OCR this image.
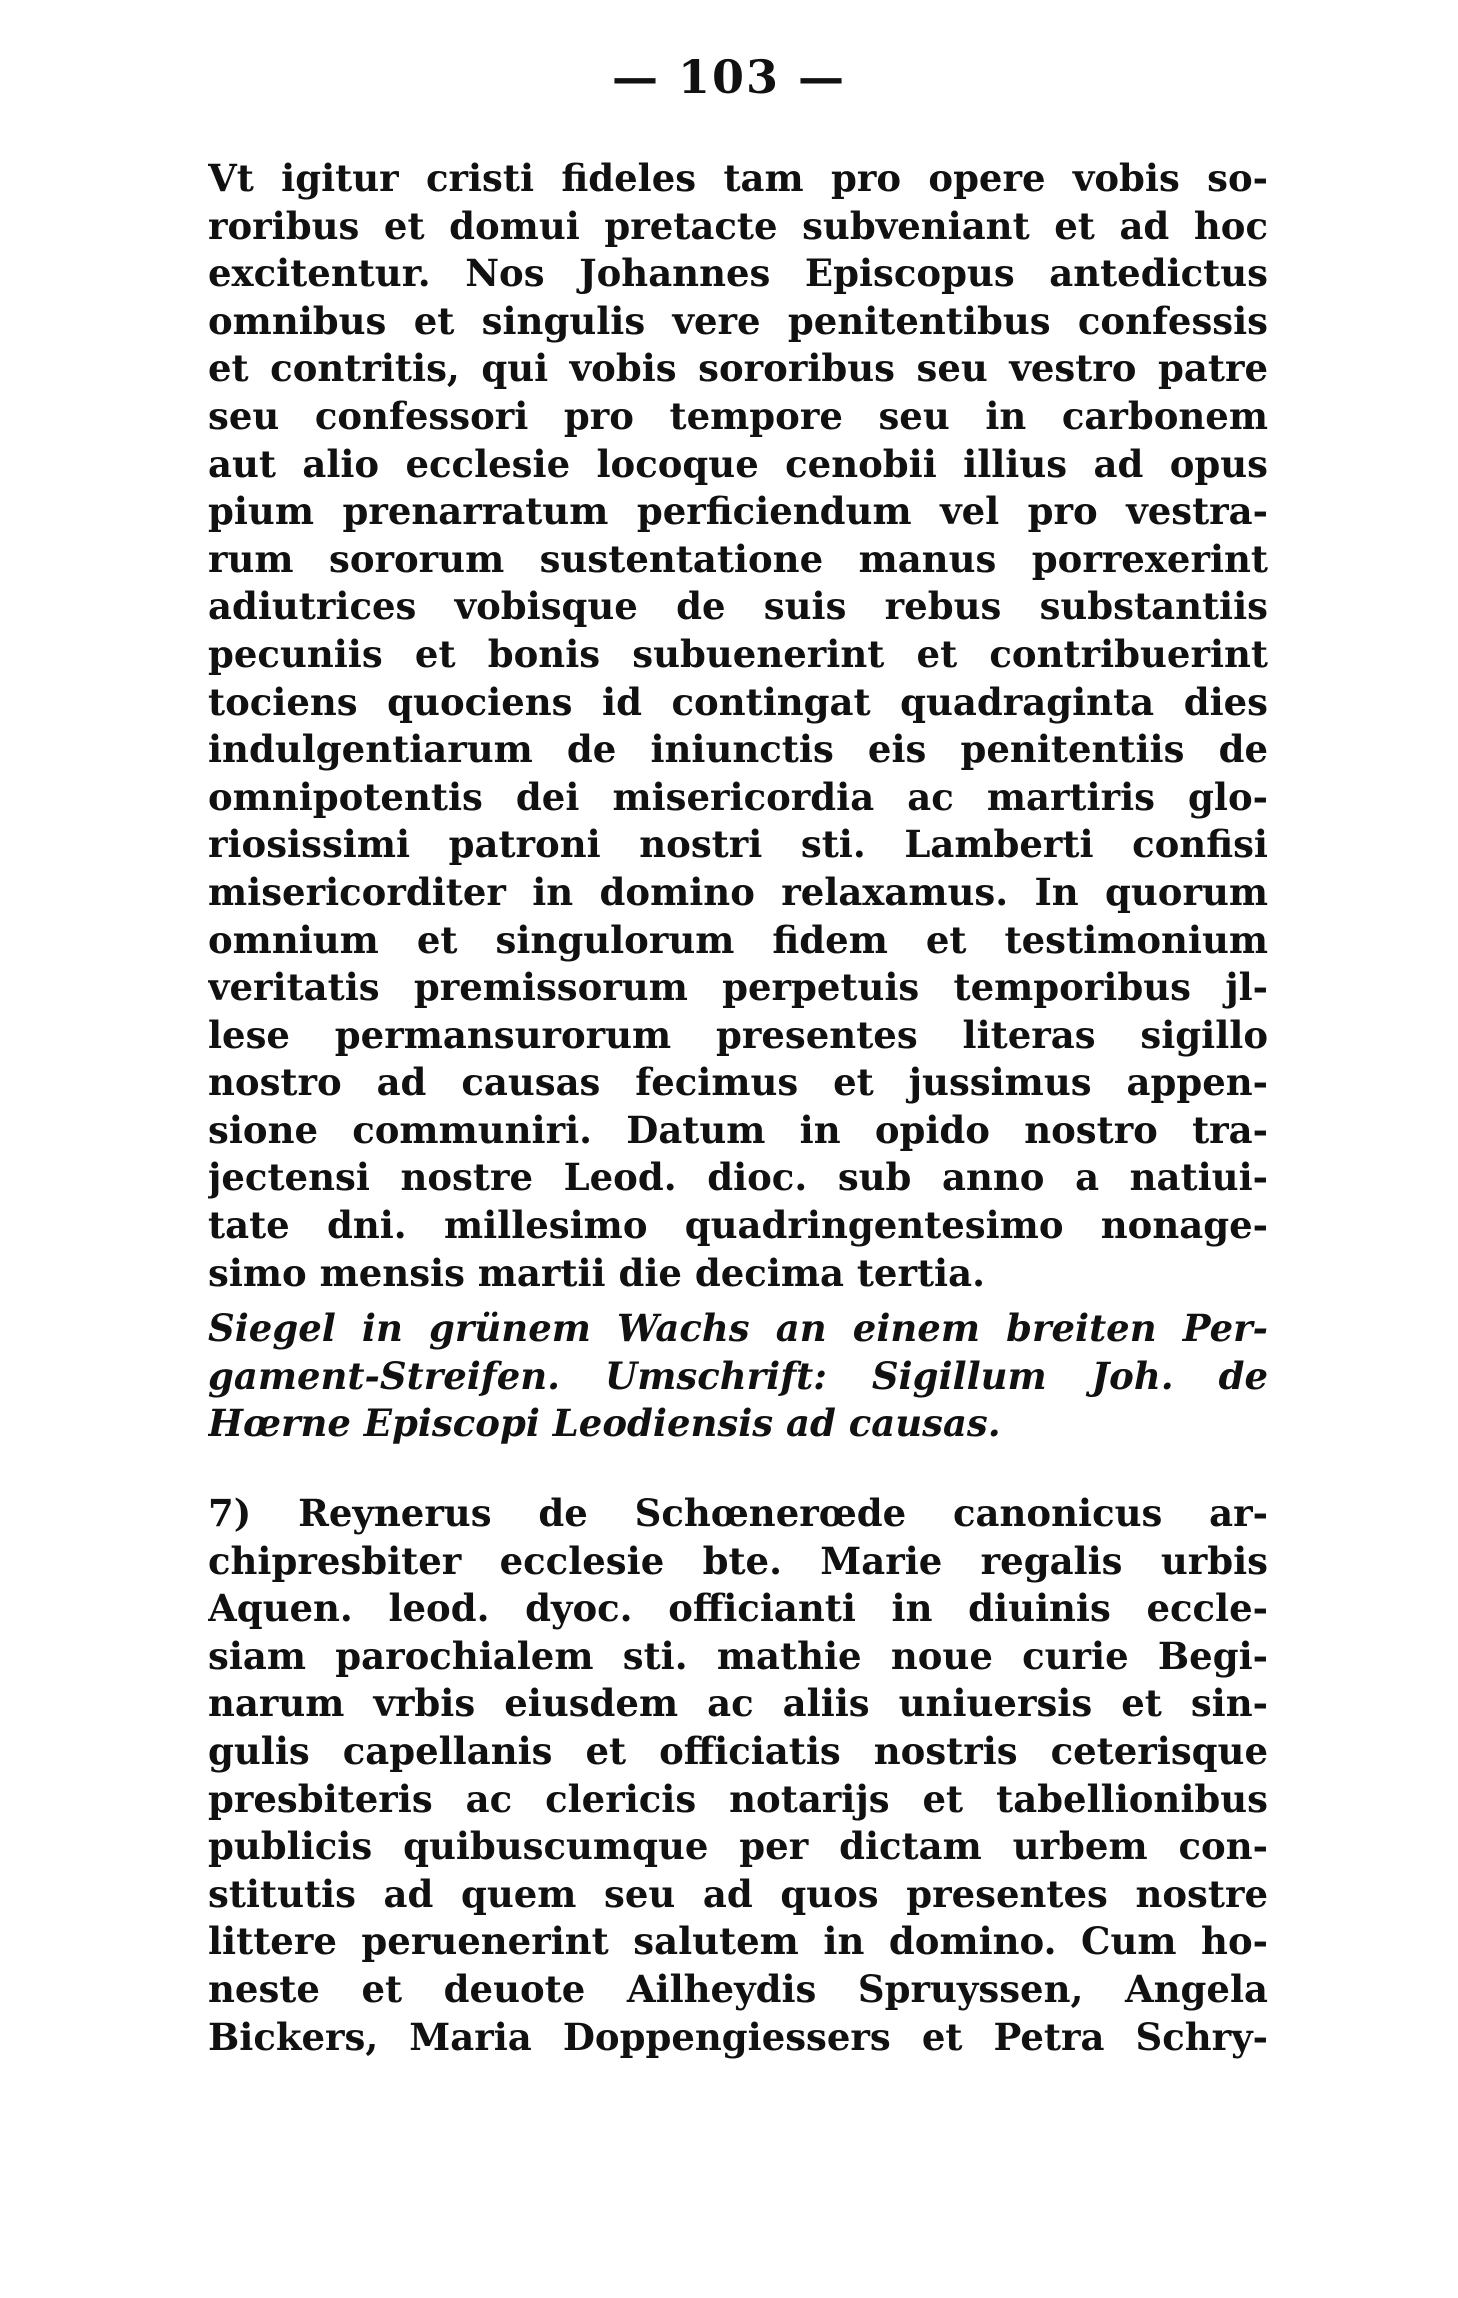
— 103 —
Vt igitur cristi fideles tam pro opere vobis so-
roribus et domui pretacte subveniant et ad hoc
excitentur. Nos Johannes Episcopus antedictus
omnibus et singulis vere penitentibus confessis
et contritis, qui vobis sororibus seu vestro patre
seu confessori pro tempore seu in carbonem
aut alio ecclesie locoque cenobii illius ad opus
pium prenarratum perficiendum vel pro vestra-
rum sororum sustentatione manus porrexerint
adiutrices vobisque de suis rebus substantiis
pecuniis et bonis subuenerint et contribuerint
tociens quociens id contingat quadraginta dies
indulgentiarum de iniunctis eis penitentiis de
omnipotentis dei misericordia ac martiris glo-
riosissimi patroni nostri sti. Lamberti confisi
misericorditer in domino relaxamus. In quorum
omnium et singulorum fidem et testimonium
veritatis premissorum perpetuis temporibus jl-
lese permansurorum presentes literas sigillo
nostro ad causas fecimus et jussimus appen-
sione communiri. Datum in opido nostro tra-
jectensi nostre Leod. dioc. sub anno a natiui-
tate dni. millesimo quadringentesimo nonage-
simo mensis martii die decima tertia.
Siegel in grünem Wachs an einem breiten Per-
gament-Streifen. Umschrift: Sigillum Joh. de
Hœrne Episcopi Leodiensis ad causas.
7) Reynerus de Schœnerœde canonicus ar-
chipresbiter ecclesie bte. Marie regalis urbis
Aquen. leod. dyoc. officianti in diuinis eccle-
siam parochialem sti. mathie noue curie Begi-
narum vrbis eiusdem ac aliis uniuersis et sin-
gulis capellanis et officiatis nostris ceterisque
presbiteris ac clericis notarijs et tabellionibus
publicis quibuscumque per dictam urbem con-
stitutis ad quem seu ad quos presentes nostre
littere peruenerint salutem in domino. Cum ho-
neste et deuote Ailheydis Spruyssen, Angela
Bickers, Maria Doppengiessers et Petra Schry-
